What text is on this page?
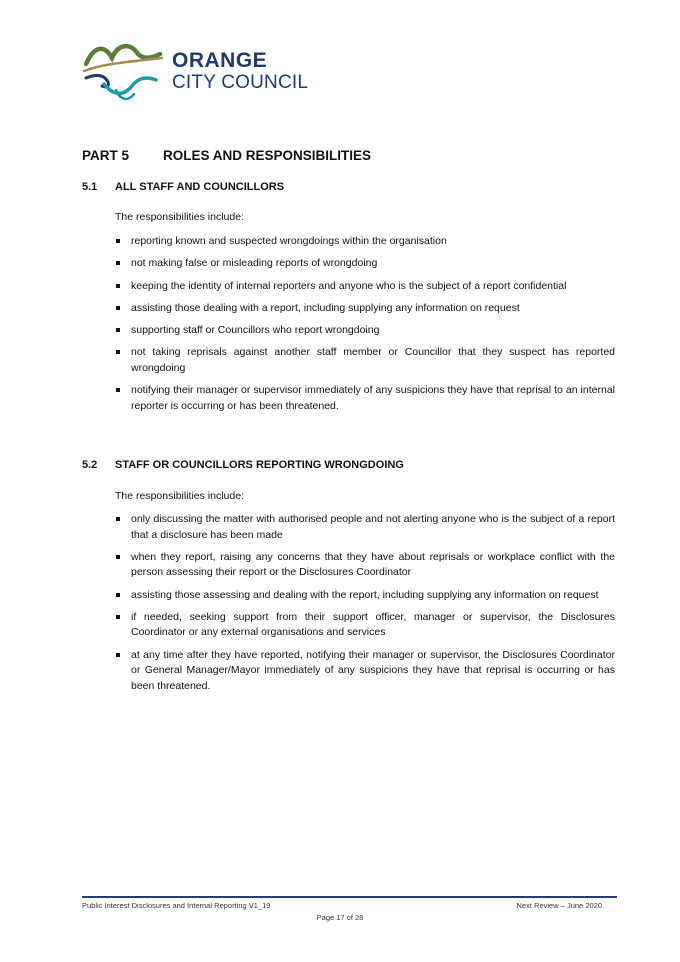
ORANGE
CITY COUNCIL
PART 5	ROLES AND RESPONSIBILITIES
5.1 ALL STAFF AND COUNCILLORS
The responsibilities include:
reporting known and suspected wrongdoings within the organisation
not making false or misleading reports of wrongdoing
keeping the identity of internal reporters and anyone who is the subject of a report confidential
assisting those dealing with a report, including supplying any information on request
supporting staff or Councillors who report wrongdoing
not taking reprisals against another staff member or Councillor that they suspect has reported wrongdoing
notifying their manager or supervisor immediately of any suspicions they have that reprisal to an internal reporter is occurring or has been threatened.
5.2 STAFF OR COUNCILLORS REPORTING WRONGDOING
The responsibilities include:
only discussing the matter with authorised people and not alerting anyone who is the subject of a report that a disclosure has been made
when they report, raising any concerns that they have about reprisals or workplace conflict with the person assessing their report or the Disclosures Coordinator
assisting those assessing and dealing with the report, including supplying any information on request
if needed, seeking support from their support officer, manager or supervisor, the Disclosures Coordinator or any external organisations and services
at any time after they have reported, notifying their manager or supervisor, the Disclosures Coordinator or General Manager/Mayor immediately of any suspicions they have that reprisal is occurring or has been threatened.
Public Interest Disclosures and Internal Reporting V1_19	Next Review – June 2020
Page 17 of 28
